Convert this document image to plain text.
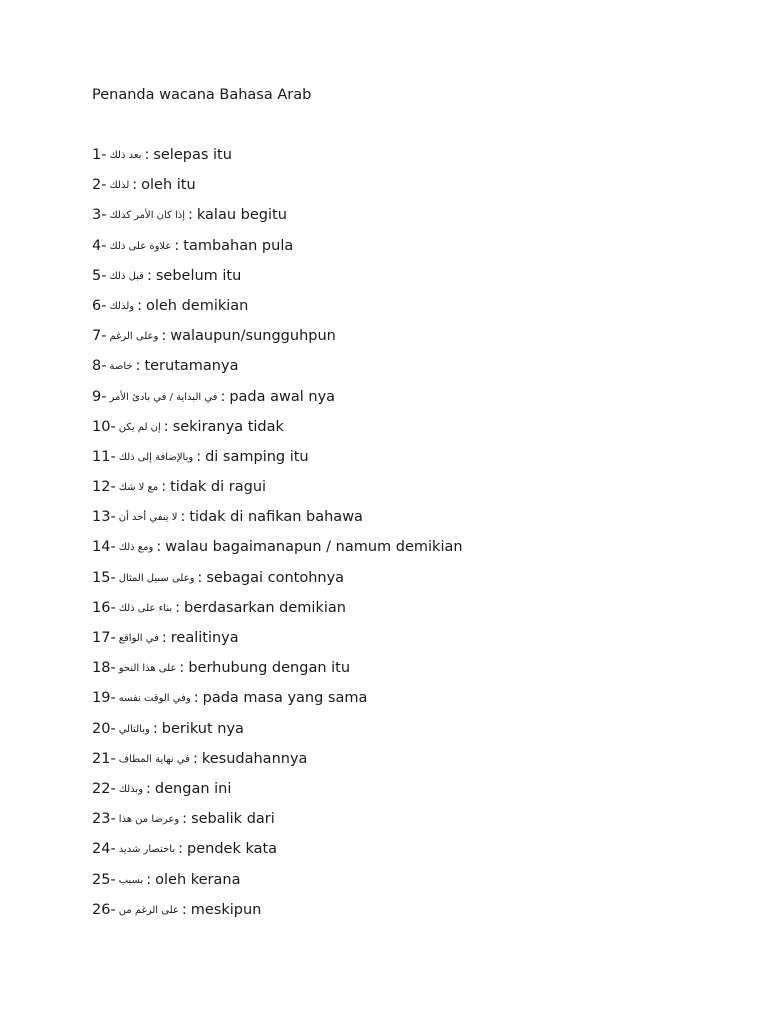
Penanda wacana Bahasa Arab
1- بعد ذلك : selepas itu
2- لذلك : oleh itu
3- إذا كان الأمر كذلك : kalau begitu
4- علاوة على ذلك : tambahan pula
5- قبل ذلك : sebelum itu
6- ولذلك : oleh demikian
7- وعلى الرغم : walaupun/sungguhpun
8- خاصة : terutamanya
9- في البداية / في بادئ الأمر : pada awal nya
10- إن لم يكن : sekiranya tidak
11- وبالإضافة إلى ذلك : di samping itu
12- مع لا شك : tidak di ragui
13- لا ينفي أحد أن : tidak di nafikan bahawa
14- ومع ذلك : walau bagaimanapun / namum demikian
15- وعلى سبيل المثال : sebagai contohnya
16- بناء على ذلك : berdasarkan demikian
17- في الواقع : realitinya
18- على هذا النحو : berhubung dengan itu
19- وفي الوقت نفسه : pada masa yang sama
20- وبالتالي : berikut nya
21- في نهاية المطاف : kesudahannya
22- وبذلك : dengan ini
23- وعرضا من هذا : sebalik dari
24- باختصار شديد : pendek kata
25- بسبب : oleh kerana
26- على الرغم من : meskipun
